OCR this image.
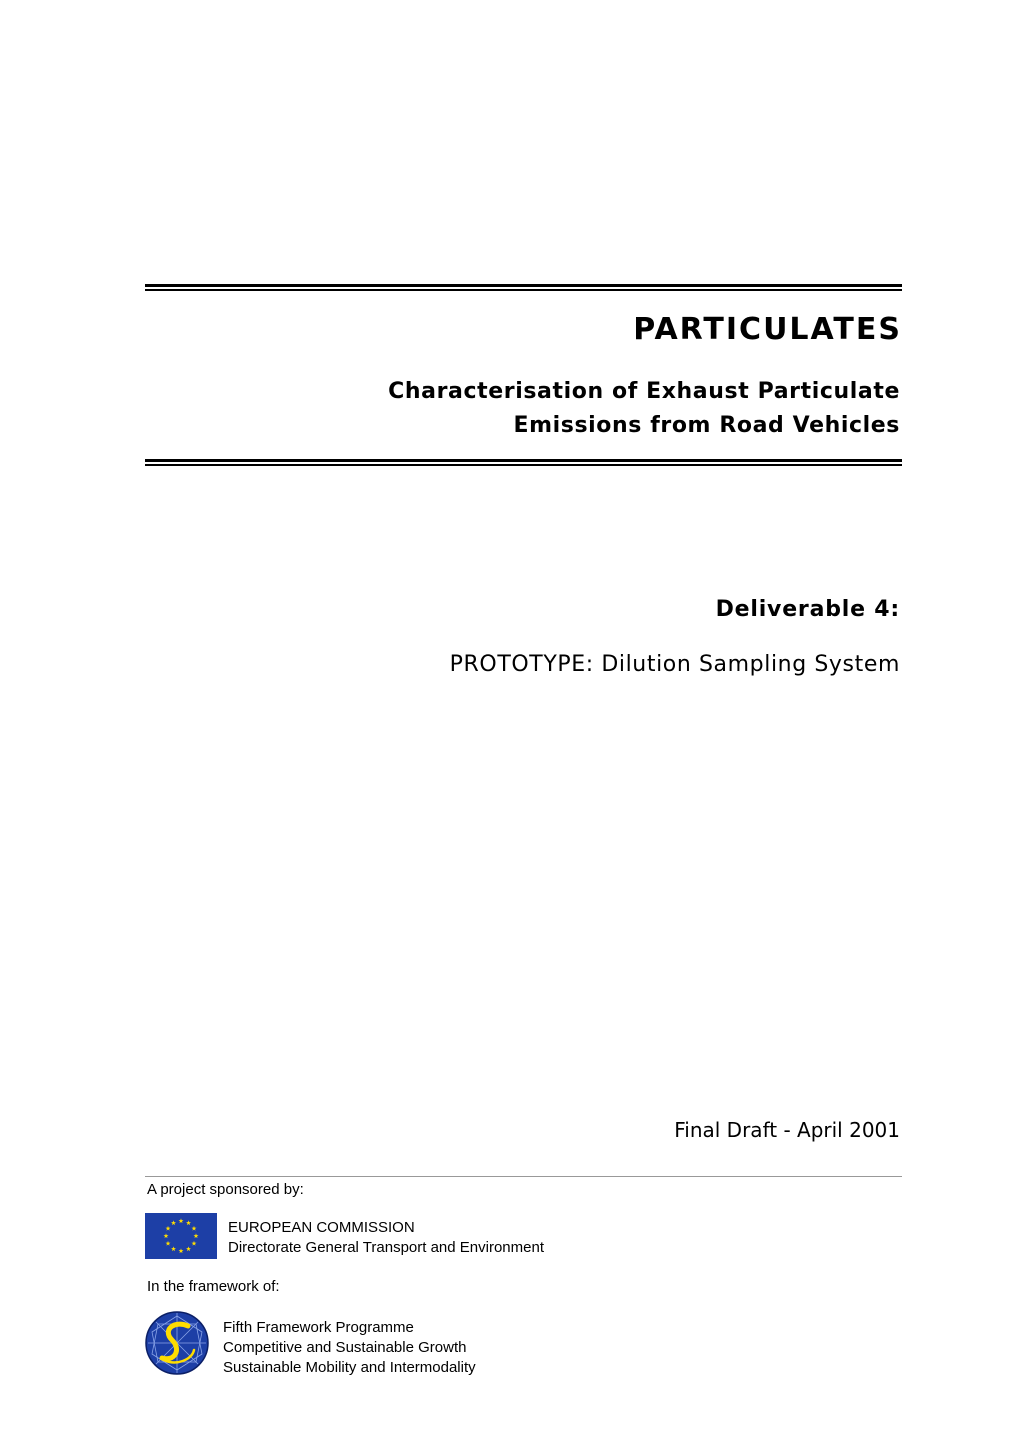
PARTICULATES

Characterisation of Exhaust Particulate
Emissions from Road Vehicles

Deliverable 4:

PROTOTYPE: Dilution Sampling System

Final Draft - April 2001

A project sponsored by:
EUROPEAN COMMISSION
Directorate General Transport and Environment
In the framework of:
Fifth Framework Programme
Competitive and Sustainable Growth
Sustainable Mobility and Intermodality
